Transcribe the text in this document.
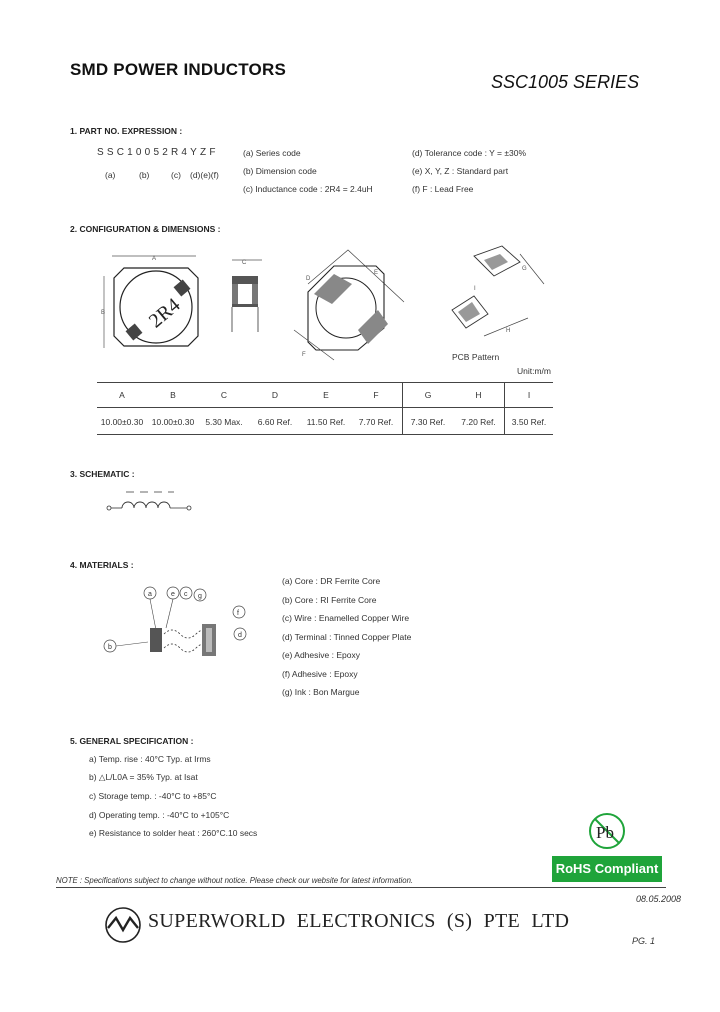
SMD POWER INDUCTORS
SSC1005 SERIES
1. PART NO. EXPRESSION :
SSC10052R4YZF
(a)	(b)	(c) (d)(e)(f)
(a) Series code
(b) Dimension code
(c) Inductance code : 2R4 = 2.4uH
(d) Tolerance code : Y = ±30%
(e) X, Y, Z : Standard part
(f) F : Lead Free
2. CONFIGURATION & DIMENSIONS :
A
B 2R4
C
E
D
F
G
H
I
PCB Pattern
Unit:m/m
A	B	C	D	E	F	G	H	I
10.00±0.30	10.00±0.30	5.30 Max.	6.60 Ref.	11.50 Ref.	7.70 Ref.	7.30 Ref.	7.20 Ref.	3.50 Ref.
3. SCHEMATIC :
4. MATERIALS :
a	e c g
f
d
b
(a) Core : DR Ferrite Core
(b) Core : RI Ferrite Core
(c) Wire : Enamelled Copper Wire
(d) Terminal : Tinned Copper Plate
(e) Adhesive : Epoxy
(f) Adhesive : Epoxy
(g) Ink : Bon Margue
5. GENERAL SPECIFICATION :
a) Temp. rise : 40°C Typ. at Irms
b) △L/L0A = 35% Typ. at Isat
c) Storage temp. : -40°C to +85°C
d) Operating temp. : -40°C to +105°C
e) Resistance to solder heat : 260°C.10 secs	Pb
RoHS Compliant
NOTE : Specifications subject to change without notice. Please check our website for latest information.
08.05.2008
SUPERWORLD ELECTRONICS (S) PTE LTD
PG. 1
